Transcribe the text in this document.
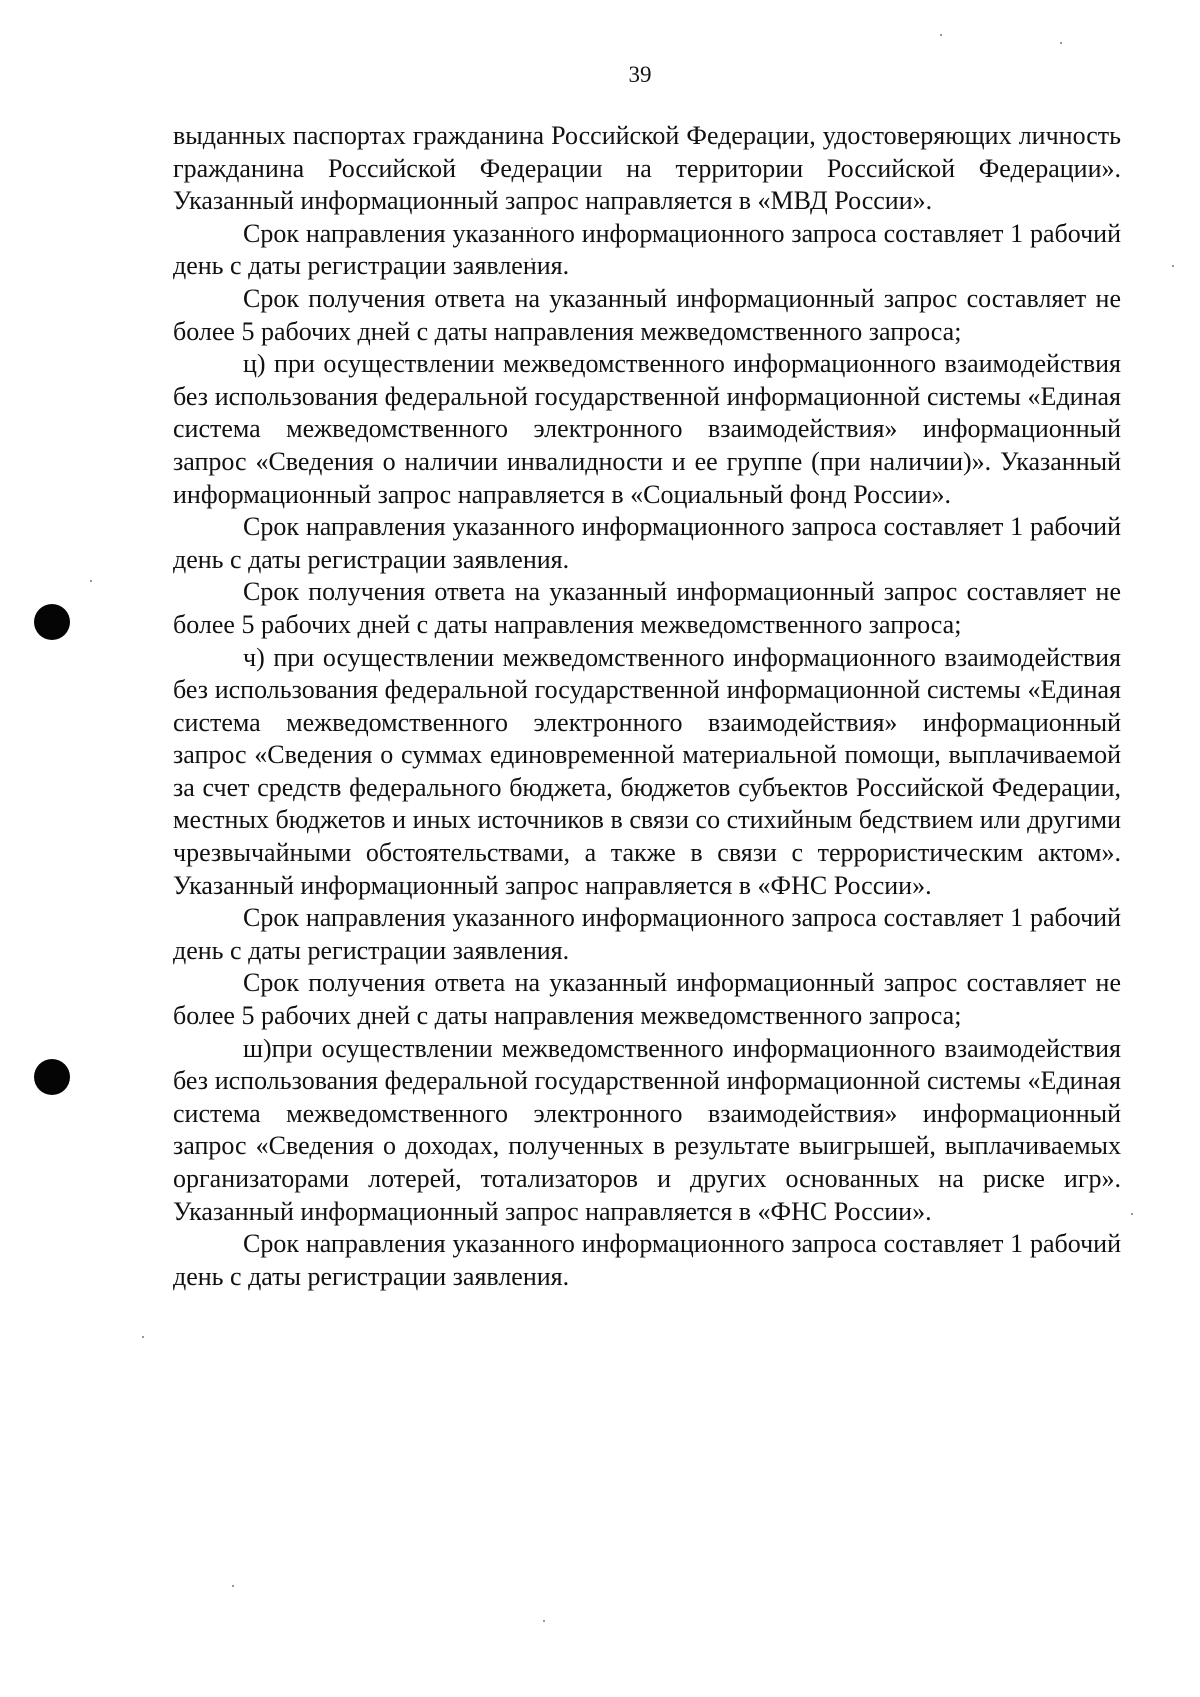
39

выданных паспортах гражданина Российской Федерации, удостоверяющих личность гражданина Российской Федерации на территории Российской Федерации». Указанный информационный запрос направляется в «МВД России».

Срок направления указанного информационного запроса составляет 1 рабочий день с даты регистрации заявления.

Срок получения ответа на указанный информационный запрос составляет не более 5 рабочих дней с даты направления межведомственного запроса;

ц) при осуществлении межведомственного информационного взаимодействия без использования федеральной государственной информационной системы «Единая система межведомственного электронного взаимодействия» информационный запрос «Сведения о наличии инвалидности и ее группе (при наличии)». Указанный информационный запрос направляется в «Социальный фонд России».

Срок направления указанного информационного запроса составляет 1 рабочий день с даты регистрации заявления.

Срок получения ответа на указанный информационный запрос составляет не более 5 рабочих дней с даты направления межведомственного запроса;

ч) при осуществлении межведомственного информационного взаимодействия без использования федеральной государственной информационной системы «Единая система межведомственного электронного взаимодействия» информационный запрос «Сведения о суммах единовременной материальной помощи, выплачиваемой за счет средств федерального бюджета, бюджетов субъектов Российской Федерации, местных бюджетов и иных источников в связи со стихийным бедствием или другими чрезвычайными обстоятельствами, а также в связи с террористическим актом». Указанный информационный запрос направляется в «ФНС России».

Срок направления указанного информационного запроса составляет 1 рабочий день с даты регистрации заявления.

Срок получения ответа на указанный информационный запрос составляет не более 5 рабочих дней с даты направления межведомственного запроса;

ш)при осуществлении межведомственного информационного взаимодействия без использования федеральной государственной информационной системы «Единая система межведомственного электронного взаимодействия» информационный запрос «Сведения о доходах, полученных в результате выигрышей, выплачиваемых организаторами лотерей, тотализаторов и других основанных на риске игр». Указанный информационный запрос направляется в «ФНС России».

Срок направления указанного информационного запроса составляет 1 рабочий день с даты регистрации заявления.
